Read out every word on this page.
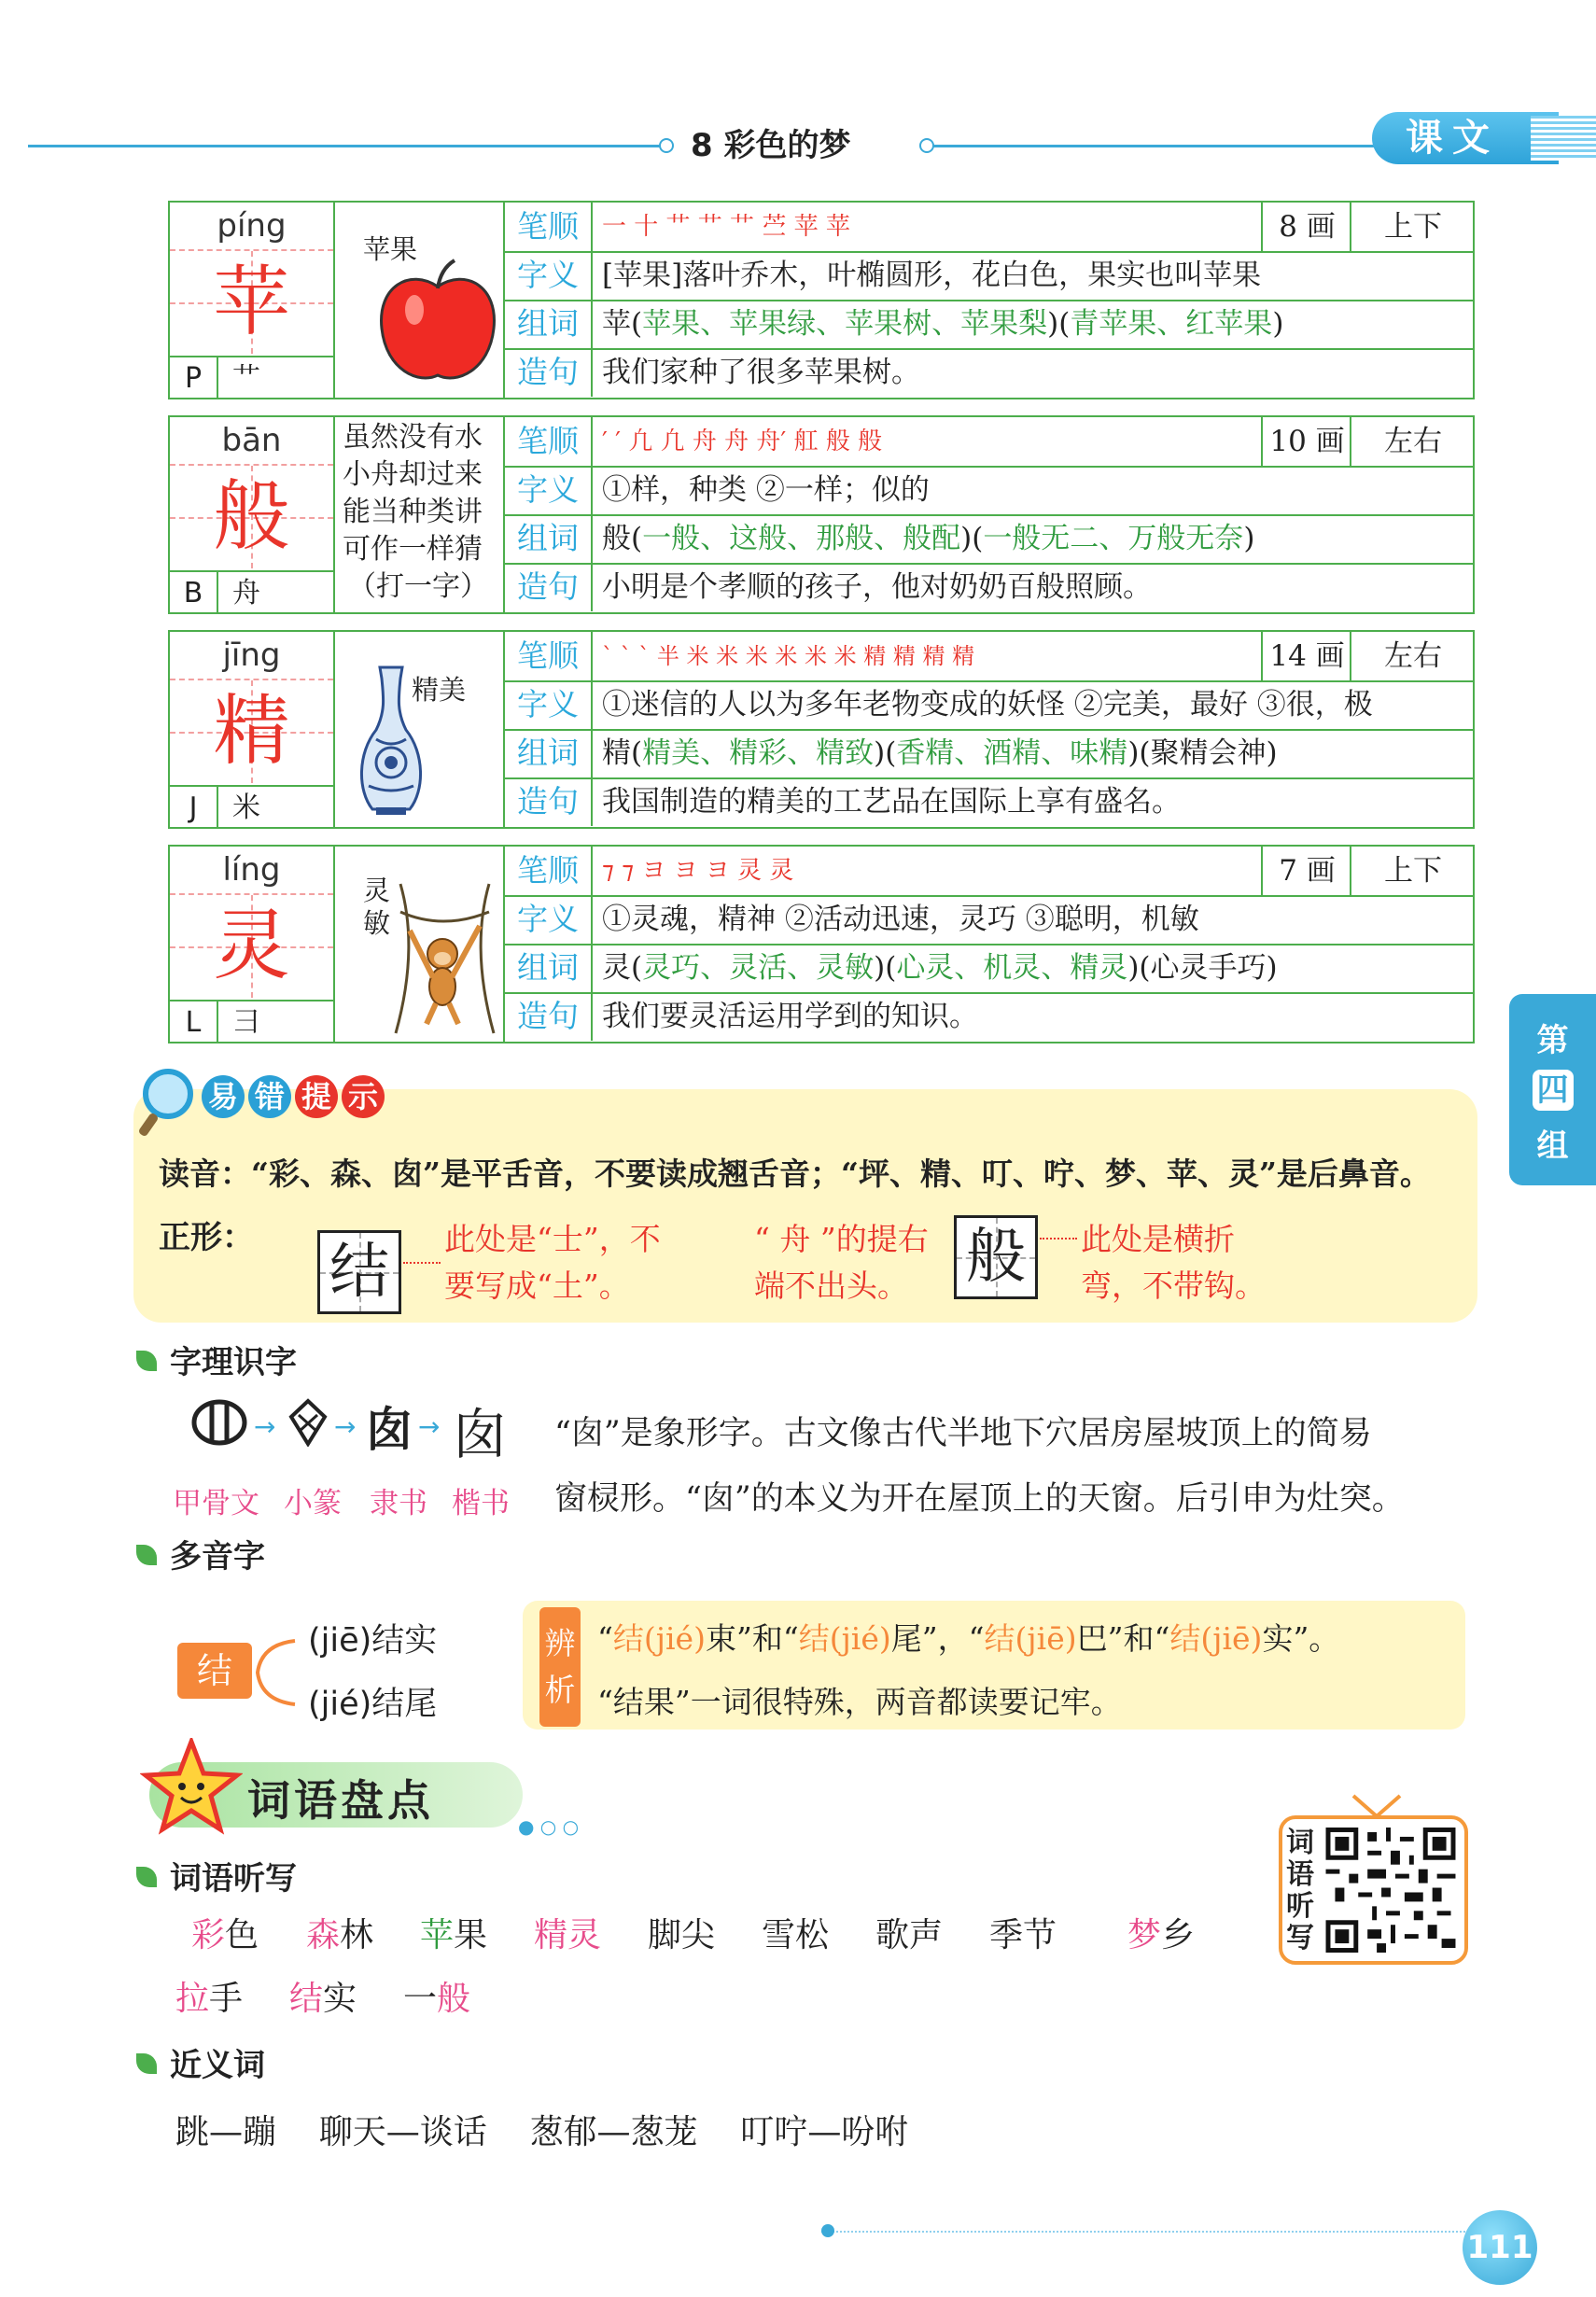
8 彩色的梦	课文
píng
苹
P	艹
苹果
笔顺 一 十 艹 艹 艹 苎 苹 苹	8 画	上下
字义 [苹果]落叶乔木，叶椭圆形，花白色，果实也叫苹果
组词 苹(苹果、苹果绿、苹果树、苹果梨)(青苹果、红苹果)
造句 我们家种了很多苹果树。
bān
般
B	舟
虽然没有水
小舟却过来
能当种类讲
可作一样猜
（打一字）
笔顺 ′ ′ 凢 凢 舟 舟 舟′ 舡 般 般	10 画	左右
字义 ①样，种类 ②一样；似的
组词 般(一般、这般、那般、般配)(一般无二、万般无奈)
造句 小明是个孝顺的孩子，他对奶奶百般照顾。
jīng
精
J	米
精美
笔顺	` ` ` 半 米 米 米 米 米 米 精 精 精 精	14 画	左右
字义 ①迷信的人以为多年老物变成的妖怪 ②完美，最好 ③很，极
组词 精(精美、精彩、精致)(香精、酒精、味精)(聚精会神)
造句 我国制造的精美的工艺品在国际上享有盛名。
líng
灵
L	彐
灵
敏
笔顺 ⁊ ⁊ ヨ ヨ ヨ 灵 灵	7 画	上下
字义 ①灵魂，精神 ②活动迅速，灵巧 ③聪明，机敏
组词 灵(灵巧、灵活、灵敏)(心灵、机灵、精灵)(心灵手巧)
造句 我们要灵活运用学到的知识。
第
四
组
易 错 提 示
读音：“彩、森、囱”是平舌音，不要读成翘舌音；“坪、精、叮、咛、梦、苹、灵”是后鼻音。
正形： 结	此处是“士”，不
要写成“土”。
“ 舟 ”的提右
端不出头。 般	此处是横折
弯，不带钩。
字理识字
→ → 囱 → 囱
甲骨文 小篆 隶书 楷书
“囱”是象形字。古文像古代半地下穴居房屋坡顶上的简易
窗棂形。“囱”的本义为开在屋顶上的天窗。后引申为灶突。
多音字
结
(jiē)结实
(jié)结尾
辨析
“结(jié)束”和“结(jié)尾”，“结(jiē)巴”和“结(jiē)实”。
“结果”一词很特殊，两音都读要记牢。
词语盘点
● ○ ○
词语听写
彩色 森林 苹果 精灵 脚尖 雪松 歌声 季节 梦乡
拉手 结实 一般
词语听写
近义词
跳—蹦    聊天—谈话    葱郁—葱茏    叮咛—吩咐
111
